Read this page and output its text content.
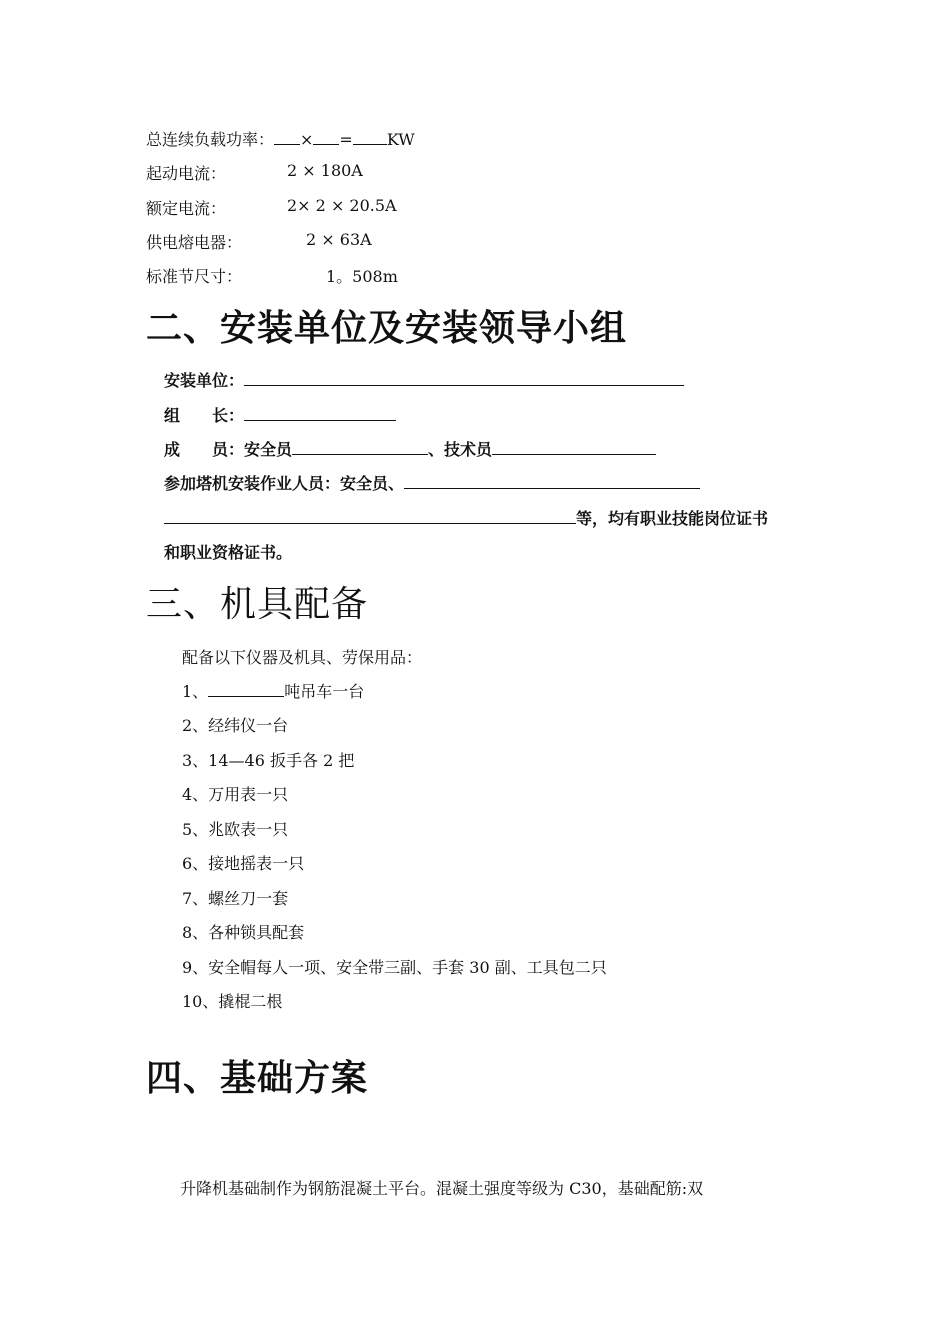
总连续负载功率： × = KW
起动电流：	2 × 180A
额定电流：	2× 2 × 20.5A
供电熔电器：	2 × 63A
标准节尺寸：	1。508m
二、安装单位及安装领导小组
安装单位：
组　　长：
成　　员：安全员	、技术员
参加塔机安装作业人员：安全员、
等，均有职业技能岗位证书
和职业资格证书。
三、机具配备
配备以下仪器及机具、劳保用品：
1、	吨吊车一台
2、经纬仪一台
3、14—46 扳手各 2 把
4、万用表一只
5、兆欧表一只
6、接地摇表一只
7、螺丝刀一套
8、各种锁具配套
9、安全帽每人一项、安全带三副、手套 30 副、工具包二只
10、撬棍二根
四、基础方案
升降机基础制作为钢筋混凝土平台。混凝土强度等级为 C30，基础配筋:双
